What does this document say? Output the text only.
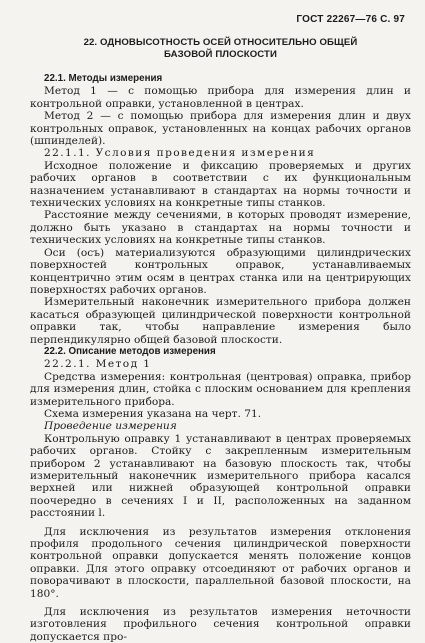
ГОСТ 22267—76 С. 97
22. ОДНОВЫСОТНОСТЬ ОСЕЙ ОТНОСИТЕЛЬНО ОБЩЕЙ
БАЗОВОЙ ПЛОСКОСТИ

22.1. Методы измерения

Метод 1 — с помощью прибора для измерения длин и контрольной оправки, установленной в центрах.

Метод 2 — с помощью прибора для измерения длин и двух контрольных оправок, установленных на концах рабочих органов (шпинделей).

22.1.1. Условия проведения измерения

Исходное положение и фиксацию проверяемых и других рабочих органов в соответствии с их функциональным назначением устанавливают в стандартах на нормы точности и технических условиях на конкретные типы станков.

Расстояние между сечениями, в которых проводят измерение, должно быть указано в стандартах на нормы точности и технических условиях на конкретные типы станков.

Оси (осъ) материализуются образующими цилиндрических поверхностей контрольных оправок, устанавливаемых концентрично этим осям в центрах станка или на центрирующих поверхностях рабочих органов.

Измерительный наконечник измерительного прибора должен касаться образующей цилиндрической поверхности контрольной оправки так, чтобы направление измерения было перпендикулярно общей базовой плоскости.

22.2. Описание методов измерения

22.2.1. Метод 1

Средства измерения: контрольная (центровая) оправка, прибор для измерения длин, стойка с плоским основанием для крепления измерительного прибора.

Схема измерения указана на черт. 71.

Проведение измерения

Контрольную оправку 1 устанавливают в центрах проверяемых рабочих органов. Стойку с закрепленным измерительным прибором 2 устанавливают на базовую плоскость так, чтобы измерительный наконечник измерительного прибора касался верхней или нижней образующей контрольной оправки поочередно в сечениях I и II, расположенных на заданном расстоянии l.

Для исключения из результатов измерения отклонения профиля продольного сечения цилиндрической поверхности контрольной оправки допускается менять положение концов оправки. Для этого оправку отсоединяют от рабочих органов и поворачивают в плоскости, параллельной базовой плоскости, на 180°.

Для исключения из результатов измерения неточности изготовления профильного сечения контрольной оправки допускается про-
